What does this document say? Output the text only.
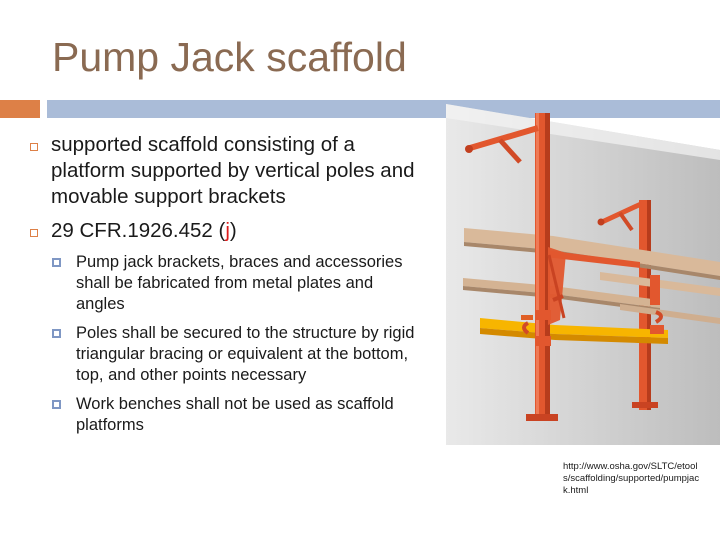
Pump Jack scaffold
supported scaffold consisting of a platform supported by vertical poles and movable support brackets
29 CFR.1926.452 (j)
Pump jack brackets, braces and accessories shall be fabricated from metal plates and angles
Poles shall be secured to the structure by rigid triangular bracing or equivalent at the bottom, top, and other points necessary
Work benches shall not be used as scaffold platforms
http://www.osha.gov/SLTC/etools/scaffolding/supported/pumpjack.html
